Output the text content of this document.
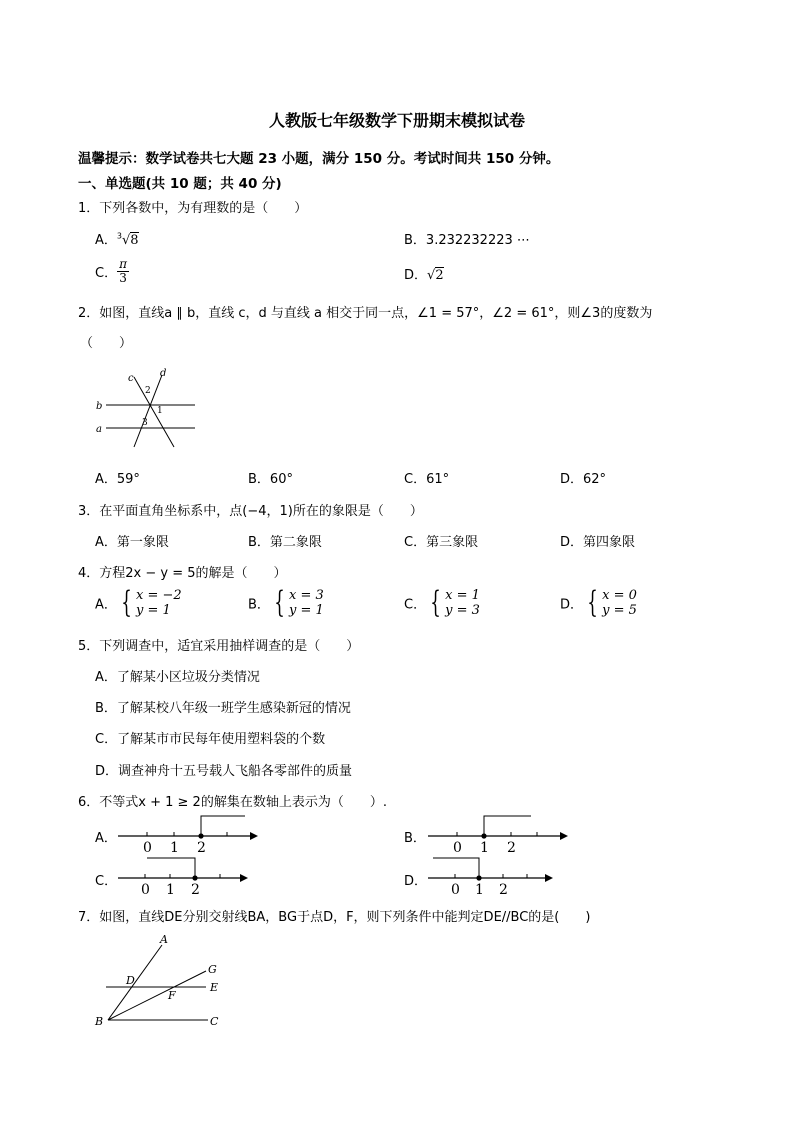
人教版七年级数学下册期末模拟试卷
温馨提示：数学试卷共七大题 23 小题，满分 150 分。考试时间共 150 分钟。
一、单选题(共 10 题；共 40 分)
1．下列各数中，为有理数的是（　　）
A．$^3$√8	B．3.232232223 ⋯
C． $\frac{\pi}{3}$	D．√2
2．如图，直线a ∥ b，直线 c，d 与直线 a 相交于同一点，∠1 = 57°，∠2 = 61°，则∠3的度数为
（　　）
c	d
b
a
1
2
3
A．59°	B．60°	C．61°	D．62°
3．在平面直角坐标系中，点(−4，1)所在的象限是（　　）
A．第一象限	B．第二象限	C．第三象限	D．第四象限
4．方程2x − y = 5的解是（　　）
A． { x = −2
y = 1	B． { x = 3
y = 1	C． { x = 1
y = 3	D． { x = 0
y = 5
5．下列调查中，适宜采用抽样调查的是（　　）
A．了解某小区垃圾分类情况
B．了解某校八年级一班学生感染新冠的情况
C．了解某市市民每年使用塑料袋的个数
D．调查神舟十五号载人飞船各零部件的质量
6．不等式x + 1 ≥ 2的解集在数轴上表示为（　　）.
A．
0 1 2
B．
0 1 2
C．
0 1 2
D．
0 1 2
7．如图，直线DE分别交射线BA，BG于点D，F，则下列条件中能判定DE//BC的是(　　)
A
G
D
E
F
B	C
